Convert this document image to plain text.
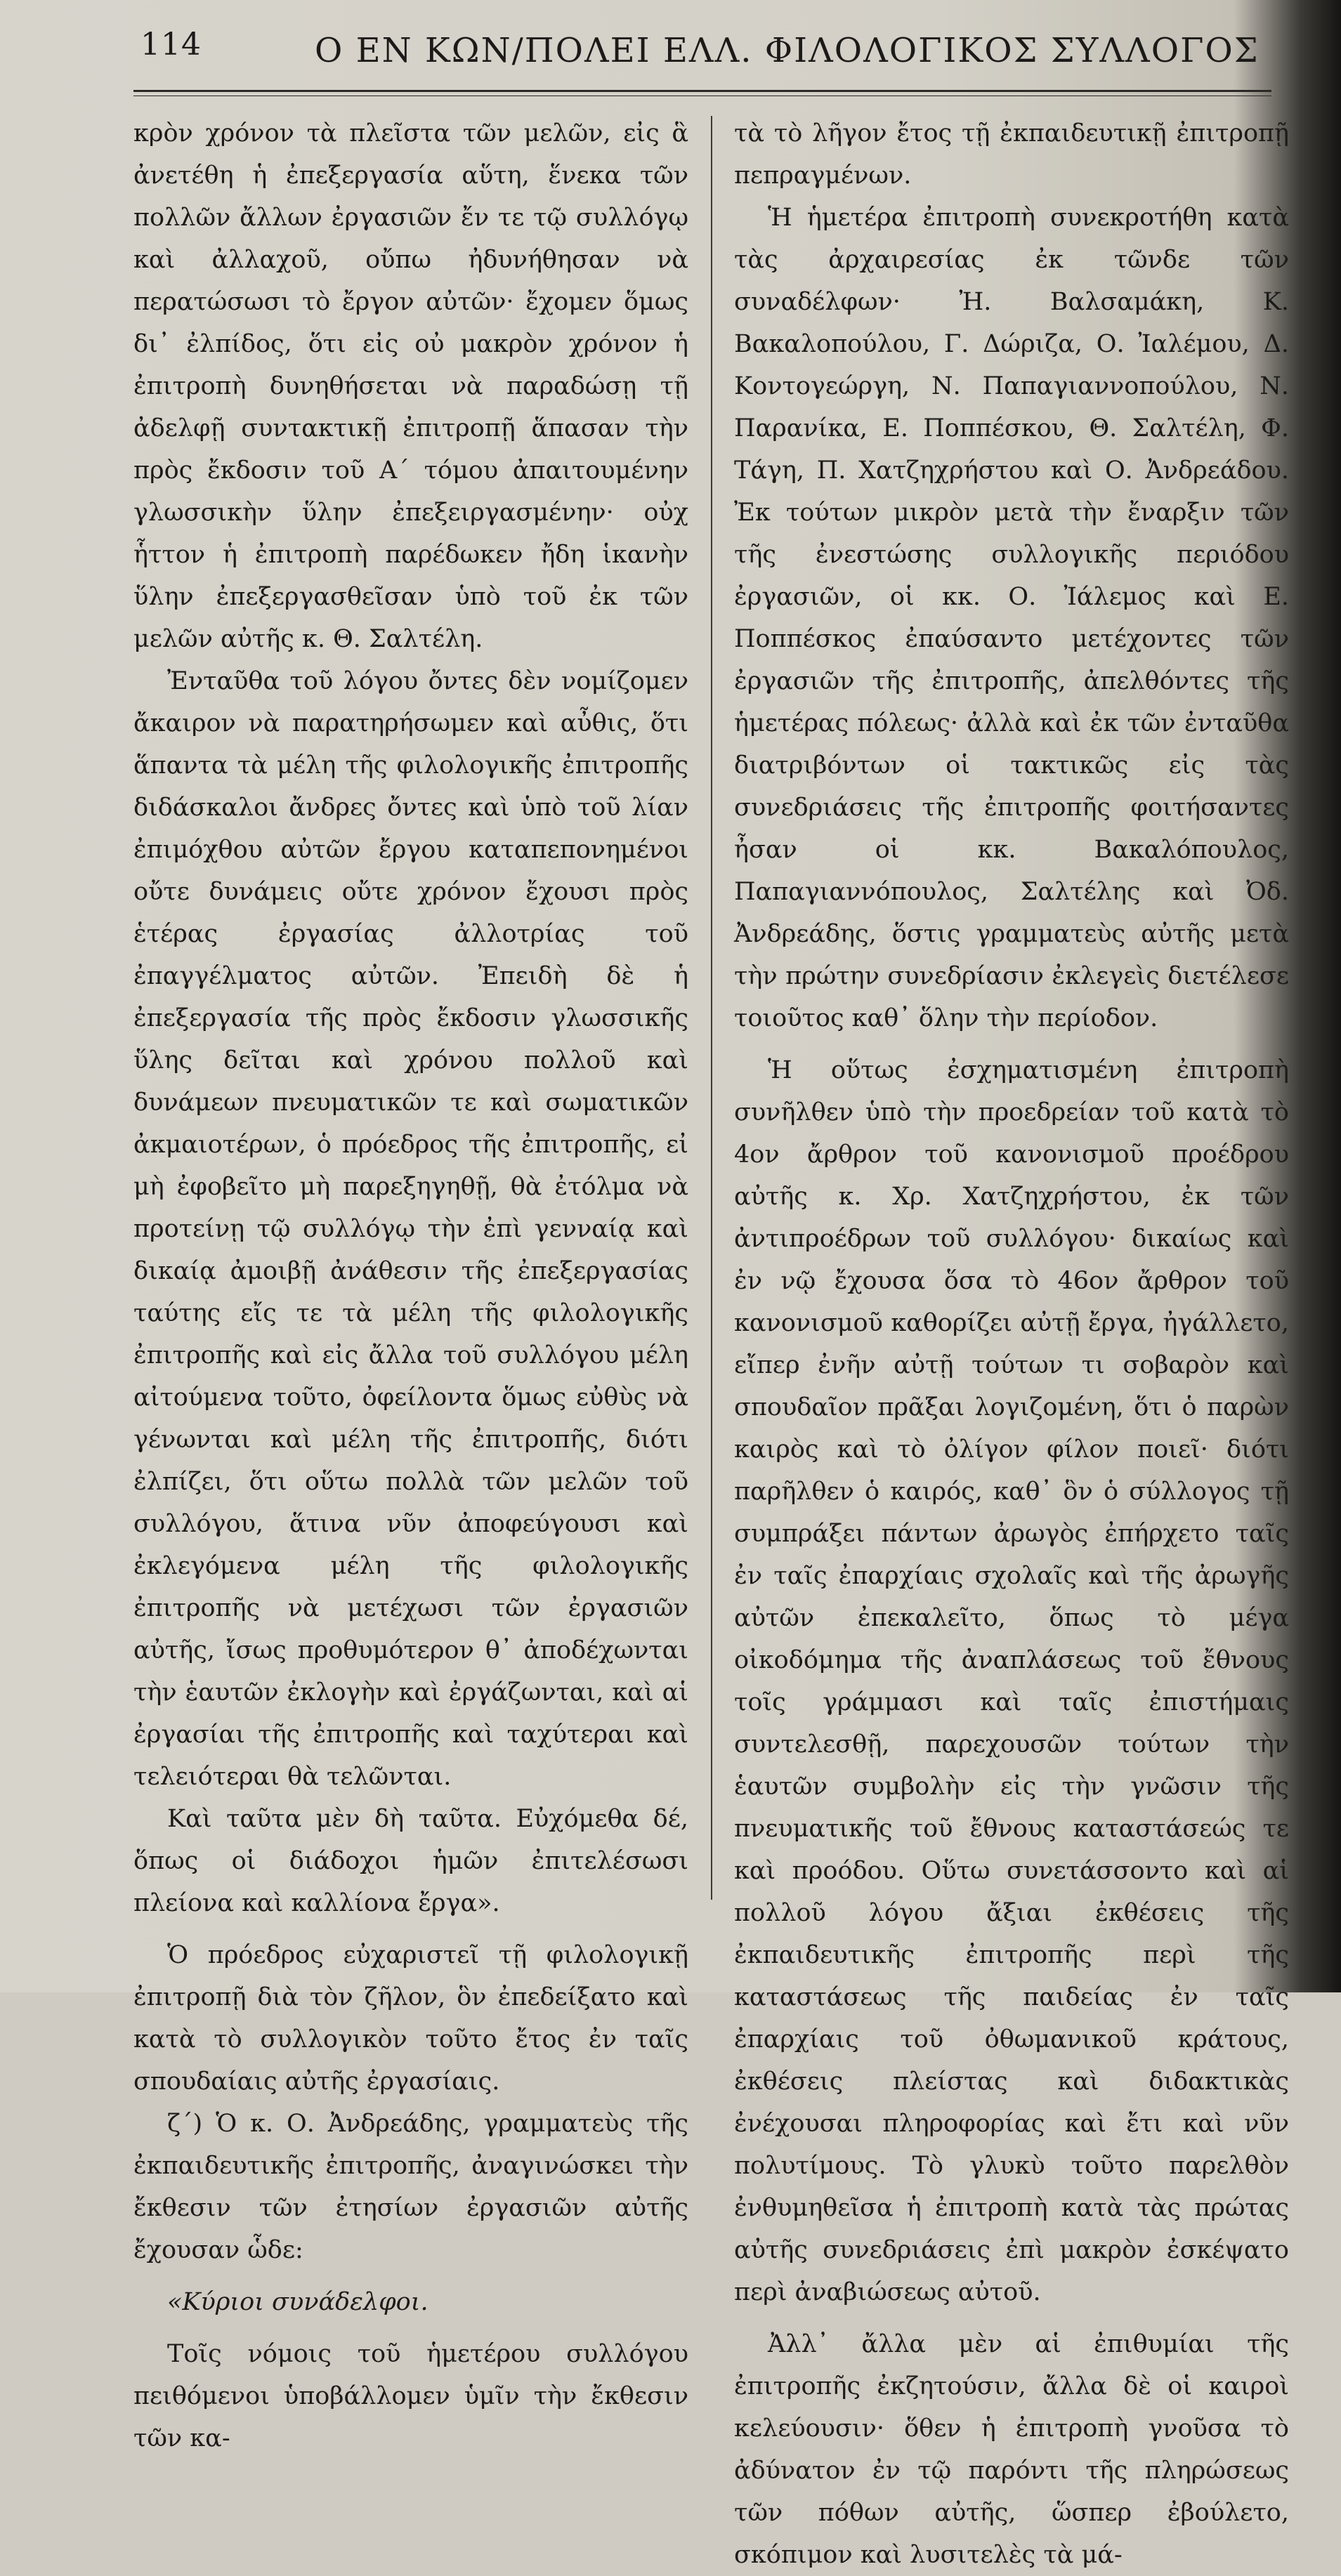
114	Ο ΕΝ ΚΩΝ/ΠΟΛΕΙ ΕΛΛ. ΦΙΛΟΛΟΓΙΚΟΣ ΣΥΛΛΟΓΟΣ

κρὸν χρόνον τὰ πλεῖστα τῶν μελῶν, εἰς ἃ ἀνετέθη ἡ ἐπεξεργασία αὕτη, ἕνεκα τῶν πολλῶν ἄλλων ἐργασιῶν ἔν τε τῷ συλλόγῳ καὶ ἀλλαχοῦ, οὔπω ἠδυνήθησαν νὰ περατώσωσι τὸ ἔργον αὐτῶν· ἔχομεν ὅμως δι᾽ ἐλπίδος, ὅτι εἰς οὐ μακρὸν χρόνον ἡ ἐπιτροπὴ δυνηθήσεται νὰ παραδώσῃ τῇ ἀδελφῇ συντακτικῇ ἐπιτροπῇ ἅπασαν τὴν πρὸς ἔκδοσιν τοῦ Α´ τόμου ἀπαιτουμένην γλωσσικὴν ὕλην ἐπεξειργασμένην· οὐχ ἧττον ἡ ἐπιτροπὴ παρέδωκεν ἤδη ἱκανὴν ὕλην ἐπεξεργασθεῖσαν ὑπὸ τοῦ ἐκ τῶν μελῶν αὐτῆς κ. Θ. Σαλτέλη.

Ἐνταῦθα τοῦ λόγου ὄντες δὲν νομίζομεν ἄκαιρον νὰ παρατηρήσωμεν καὶ αὖθις, ὅτι ἅπαντα τὰ μέλη τῆς φιλολογικῆς ἐπιτροπῆς διδάσκαλοι ἄνδρες ὄντες καὶ ὑπὸ τοῦ λίαν ἐπιμόχθου αὐτῶν ἔργου καταπεπονημένοι οὔτε δυνάμεις οὔτε χρόνον ἔχουσι πρὸς ἑτέρας ἐργασίας ἀλλοτρίας τοῦ ἐπαγγέλματος αὐτῶν. Ἐπειδὴ δὲ ἡ ἐπεξεργασία τῆς πρὸς ἔκδοσιν γλωσσικῆς ὕλης δεῖται καὶ χρόνου πολλοῦ καὶ δυνάμεων πνευματικῶν τε καὶ σωματικῶν ἀκμαιοτέρων, ὁ πρόεδρος τῆς ἐπιτροπῆς, εἰ μὴ ἐφοβεῖτο μὴ παρεξηγηθῇ, θὰ ἐτόλμα νὰ προτείνῃ τῷ συλλόγῳ τὴν ἐπὶ γενναίᾳ καὶ δικαίᾳ ἀμοιβῇ ἀνάθεσιν τῆς ἐπεξεργασίας ταύτης εἴς τε τὰ μέλη τῆς φιλολογικῆς ἐπιτροπῆς καὶ εἰς ἄλλα τοῦ συλλόγου μέλη αἰτούμενα τοῦτο, ὀφείλοντα ὅμως εὐθὺς νὰ γένωνται καὶ μέλη τῆς ἐπιτροπῆς, διότι ἐλπίζει, ὅτι οὕτω πολλὰ τῶν μελῶν τοῦ συλλόγου, ἅτινα νῦν ἀποφεύγουσι καὶ ἐκλεγόμενα μέλη τῆς φιλολογικῆς ἐπιτροπῆς νὰ μετέχωσι τῶν ἐργασιῶν αὐτῆς, ἴσως προθυμότερον θ᾽ ἀποδέχωνται τὴν ἑαυτῶν ἐκλογὴν καὶ ἐργάζωνται, καὶ αἱ ἐργασίαι τῆς ἐπιτροπῆς καὶ ταχύτεραι καὶ τελειότεραι θὰ τελῶνται.

Καὶ ταῦτα μὲν δὴ ταῦτα. Εὐχόμεθα δέ, ὅπως οἱ διάδοχοι ἡμῶν ἐπιτελέσωσι πλείονα καὶ καλλίονα ἔργα».

Ὁ πρόεδρος εὐχαριστεῖ τῇ φιλολογικῇ ἐπιτροπῇ διὰ τὸν ζῆλον, ὃν ἐπεδείξατο καὶ κατὰ τὸ συλλογικὸν τοῦτο ἔτος ἐν ταῖς σπουδαίαις αὐτῆς ἐργασίαις.

ζ´) Ὁ κ. Ο. Ἀνδρεάδης, γραμματεὺς τῆς ἐκπαιδευτικῆς ἐπιτροπῆς, ἀναγινώσκει τὴν ἔκθεσιν τῶν ἐτησίων ἐργασιῶν αὐτῆς ἔχουσαν ὧδε:

«Κύριοι συνάδελφοι.

Τοῖς νόμοις τοῦ ἡμετέρου συλλόγου πειθόμενοι ὑποβάλλομεν ὑμῖν τὴν ἔκθεσιν τῶν κα-

τὰ τὸ λῆγον ἔτος τῇ ἐκπαιδευτικῇ ἐπιτροπῇ πεπραγμένων.

Ἡ ἡμετέρα ἐπιτροπὴ συνεκροτήθη κατὰ τὰς ἀρχαιρεσίας ἐκ τῶνδε τῶν συναδέλφων· Ἠ. Βαλσαμάκη, Κ. Βακαλοπούλου, Γ. Δώριζα, Ο. Ἰαλέμου, Δ. Κοντογεώργη, Ν. Παπαγιαννοπούλου, Ν. Παρανίκα, Ε. Ποππέσκου, Θ. Σαλτέλη, Φ. Τάγη, Π. Χατζηχρήστου καὶ Ο. Ἀνδρεάδου. Ἐκ τούτων μικρὸν μετὰ τὴν ἔναρξιν τῶν τῆς ἐνεστώσης συλλογικῆς περιόδου ἐργασιῶν, οἱ κκ. Ο. Ἰάλεμος καὶ Ε. Ποππέσκος ἐπαύσαντο μετέχοντες τῶν ἐργασιῶν τῆς ἐπιτροπῆς, ἀπελθόντες τῆς ἡμετέρας πόλεως· ἀλλὰ καὶ ἐκ τῶν ἐνταῦθα διατριβόντων οἱ τακτικῶς εἰς τὰς συνεδριάσεις τῆς ἐπιτροπῆς φοιτήσαντες ἦσαν οἱ κκ. Βακαλόπουλος, Παπαγιαννόπουλος, Σαλτέλης καὶ Ὀδ. Ἀνδρεάδης, ὅστις γραμματεὺς αὐτῆς μετὰ τὴν πρώτην συνεδρίασιν ἐκλεγεὶς διετέλεσε τοιοῦτος καθ᾽ ὅλην τὴν περίοδον.

Ἡ οὕτως ἐσχηματισμένη ἐπιτροπὴ συνῆλθεν ὑπὸ τὴν προεδρείαν τοῦ κατὰ τὸ 4ον ἄρθρον τοῦ κανονισμοῦ προέδρου αὐτῆς κ. Χρ. Χατζηχρήστου, ἐκ τῶν ἀντιπροέδρων τοῦ συλλόγου· δικαίως καὶ ἐν νῷ ἔχουσα ὅσα τὸ 46ον ἄρθρον τοῦ κανονισμοῦ καθορίζει αὐτῇ ἔργα, ἠγάλλετο, εἴπερ ἐνῆν αὐτῇ τούτων τι σοβαρὸν καὶ σπουδαῖον πρᾶξαι λογιζομένη, ὅτι ὁ παρὼν καιρὸς καὶ τὸ ὀλίγον φίλον ποιεῖ· διότι παρῆλθεν ὁ καιρός, καθ᾽ ὃν ὁ σύλλογος τῇ συμπράξει πάντων ἀρωγὸς ἐπήρχετο ταῖς ἐν ταῖς ἐπαρχίαις σχολαῖς καὶ τῆς ἀρωγῆς αὐτῶν ἐπεκαλεῖτο, ὅπως τὸ μέγα οἰκοδόμημα τῆς ἀναπλάσεως τοῦ ἔθνους τοῖς γράμμασι καὶ ταῖς ἐπιστήμαις συντελεσθῇ, παρεχουσῶν τούτων τὴν ἑαυτῶν συμβολὴν εἰς τὴν γνῶσιν τῆς πνευματικῆς τοῦ ἔθνους καταστάσεώς τε καὶ προόδου. Οὕτω συνετάσσοντο καὶ αἱ πολλοῦ λόγου ἄξιαι ἐκθέσεις τῆς ἐκπαιδευτικῆς ἐπιτροπῆς περὶ τῆς καταστάσεως τῆς παιδείας ἐν ταῖς ἐπαρχίαις τοῦ ὀθωμανικοῦ κράτους, ἐκθέσεις πλείστας καὶ διδακτικὰς ἐνέχουσαι πληροφορίας καὶ ἔτι καὶ νῦν πολυτίμους. Τὸ γλυκὺ τοῦτο παρελθὸν ἐνθυμηθεῖσα ἡ ἐπιτροπὴ κατὰ τὰς πρώτας αὐτῆς συνεδριάσεις ἐπὶ μακρὸν ἐσκέψατο περὶ ἀναβιώσεως αὐτοῦ.

Ἀλλ᾽ ἄλλα μὲν αἱ ἐπιθυμίαι τῆς ἐπιτροπῆς ἐκζητούσιν, ἄλλα δὲ οἱ καιροὶ κελεύουσιν· ὅθεν ἡ ἐπιτροπὴ γνοῦσα τὸ ἀδύνατον ἐν τῷ παρόντι τῆς πληρώσεως τῶν πόθων αὐτῆς, ὥσπερ ἐβούλετο, σκόπιμον καὶ λυσιτελὲς τὰ μά-
